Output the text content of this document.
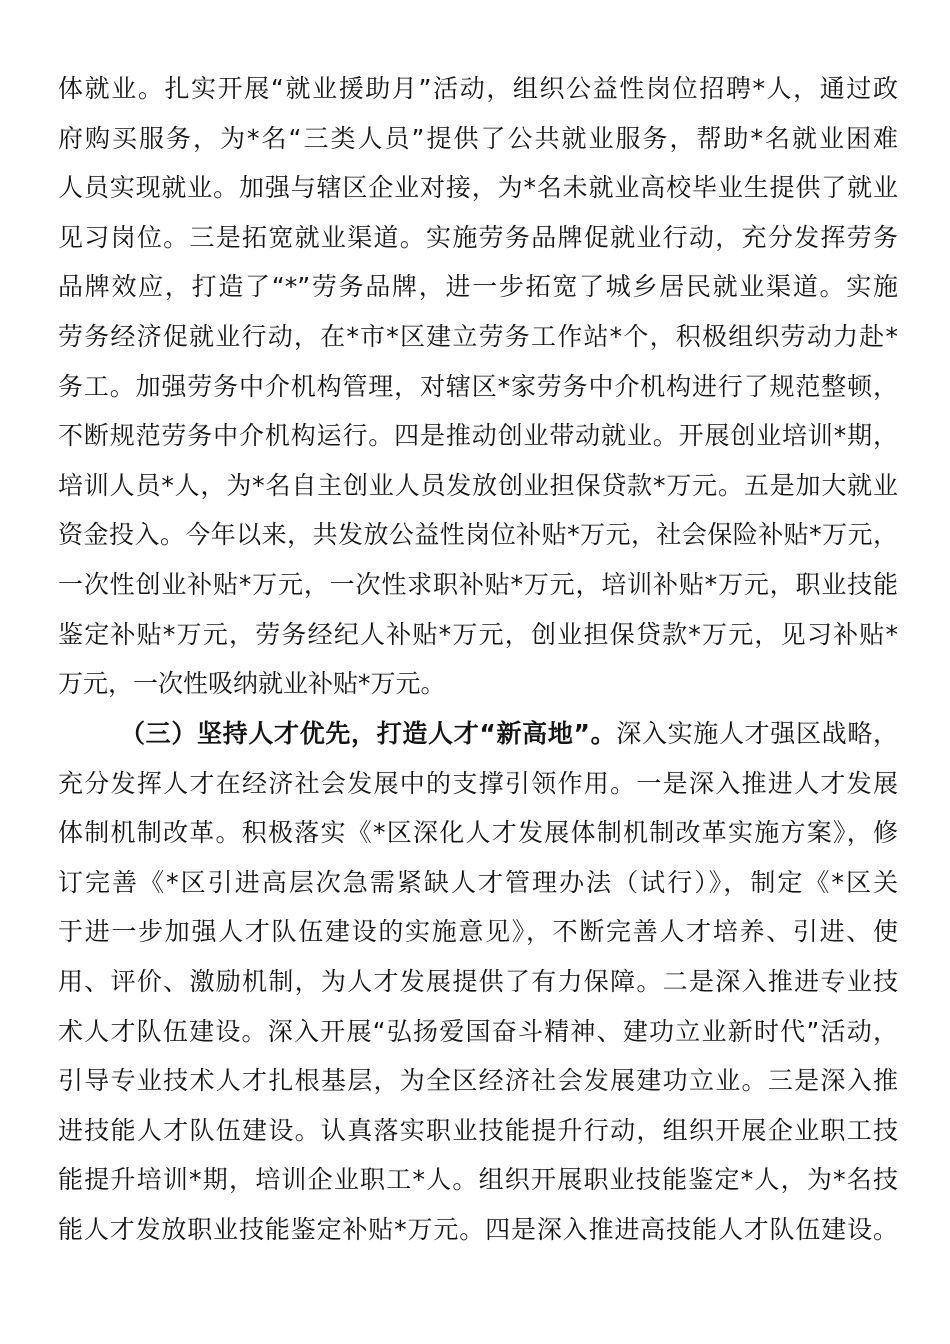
体就业。扎实开展“就业援助月”活动，组织公益性岗位招聘*人，通过政
府购买服务，为*名“三类人员”提供了公共就业服务，帮助*名就业困难
人员实现就业。加强与辖区企业对接，为*名未就业高校毕业生提供了就业
见习岗位。三是拓宽就业渠道。实施劳务品牌促就业行动，充分发挥劳务
品牌效应，打造了“*”劳务品牌，进一步拓宽了城乡居民就业渠道。实施
劳务经济促就业行动，在*市*区建立劳务工作站*个，积极组织劳动力赴*
务工。加强劳务中介机构管理，对辖区*家劳务中介机构进行了规范整顿，
不断规范劳务中介机构运行。四是推动创业带动就业。开展创业培训*期，
培训人员*人，为*名自主创业人员发放创业担保贷款*万元。五是加大就业
资金投入。今年以来，共发放公益性岗位补贴*万元，社会保险补贴*万元，
一次性创业补贴*万元，一次性求职补贴*万元，培训补贴*万元，职业技能
鉴定补贴*万元，劳务经纪人补贴*万元，创业担保贷款*万元，见习补贴*
万元，一次性吸纳就业补贴*万元。
（三）坚持人才优先，打造人才“新高地”。深入实施人才强区战略，
充分发挥人才在经济社会发展中的支撑引领作用。一是深入推进人才发展
体制机制改革。积极落实《*区深化人才发展体制机制改革实施方案》，修
订完善《*区引进高层次急需紧缺人才管理办法（试行）》，制定《*区关
于进一步加强人才队伍建设的实施意见》，不断完善人才培养、引进、使
用、评价、激励机制，为人才发展提供了有力保障。二是深入推进专业技
术人才队伍建设。深入开展“弘扬爱国奋斗精神、建功立业新时代”活动，
引导专业技术人才扎根基层，为全区经济社会发展建功立业。三是深入推
进技能人才队伍建设。认真落实职业技能提升行动，组织开展企业职工技
能提升培训*期，培训企业职工*人。组织开展职业技能鉴定*人，为*名技
能人才发放职业技能鉴定补贴*万元。四是深入推进高技能人才队伍建设。
